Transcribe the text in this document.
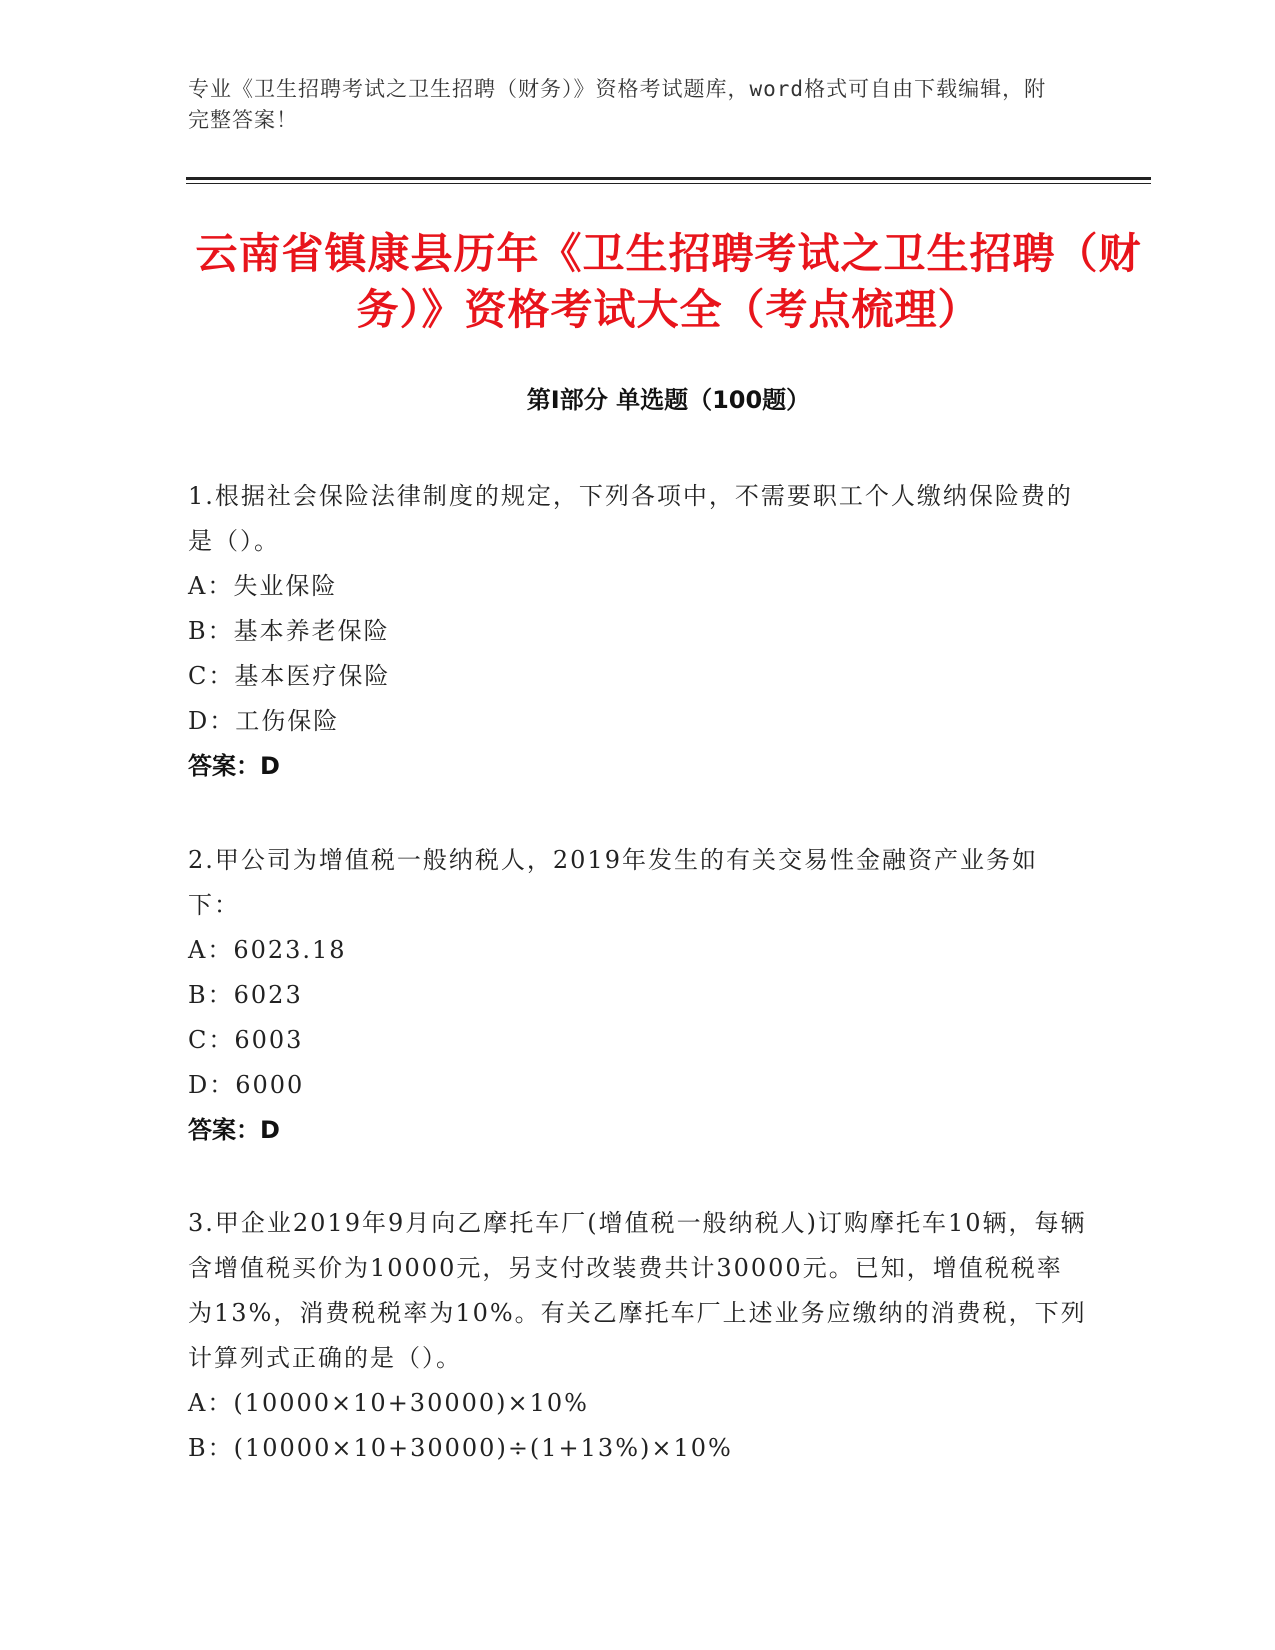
专业《卫生招聘考试之卫生招聘（财务）》资格考试题库，word格式可自由下载编辑，附完整答案！
云南省镇康县历年《卫生招聘考试之卫生招聘（财务）》资格考试大全（考点梳理）
第I部分 单选题（100题）
1.根据社会保险法律制度的规定，下列各项中，不需要职工个人缴纳保险费的是（）。
A：失业保险
B：基本养老保险
C：基本医疗保险
D：工伤保险
答案：D
2.甲公司为增值税一般纳税人，2019年发生的有关交易性金融资产业务如下：
A：6023.18
B：6023
C：6003
D：6000
答案：D
3.甲企业2019年9月向乙摩托车厂(增值税一般纳税人)订购摩托车10辆，每辆含增值税买价为10000元，另支付改装费共计30000元。已知，增值税税率为13%，消费税税率为10%。有关乙摩托车厂上述业务应缴纳的消费税，下列计算列式正确的是（）。
A：(10000×10+30000)×10%
B：(10000×10+30000)÷(1+13%)×10%
